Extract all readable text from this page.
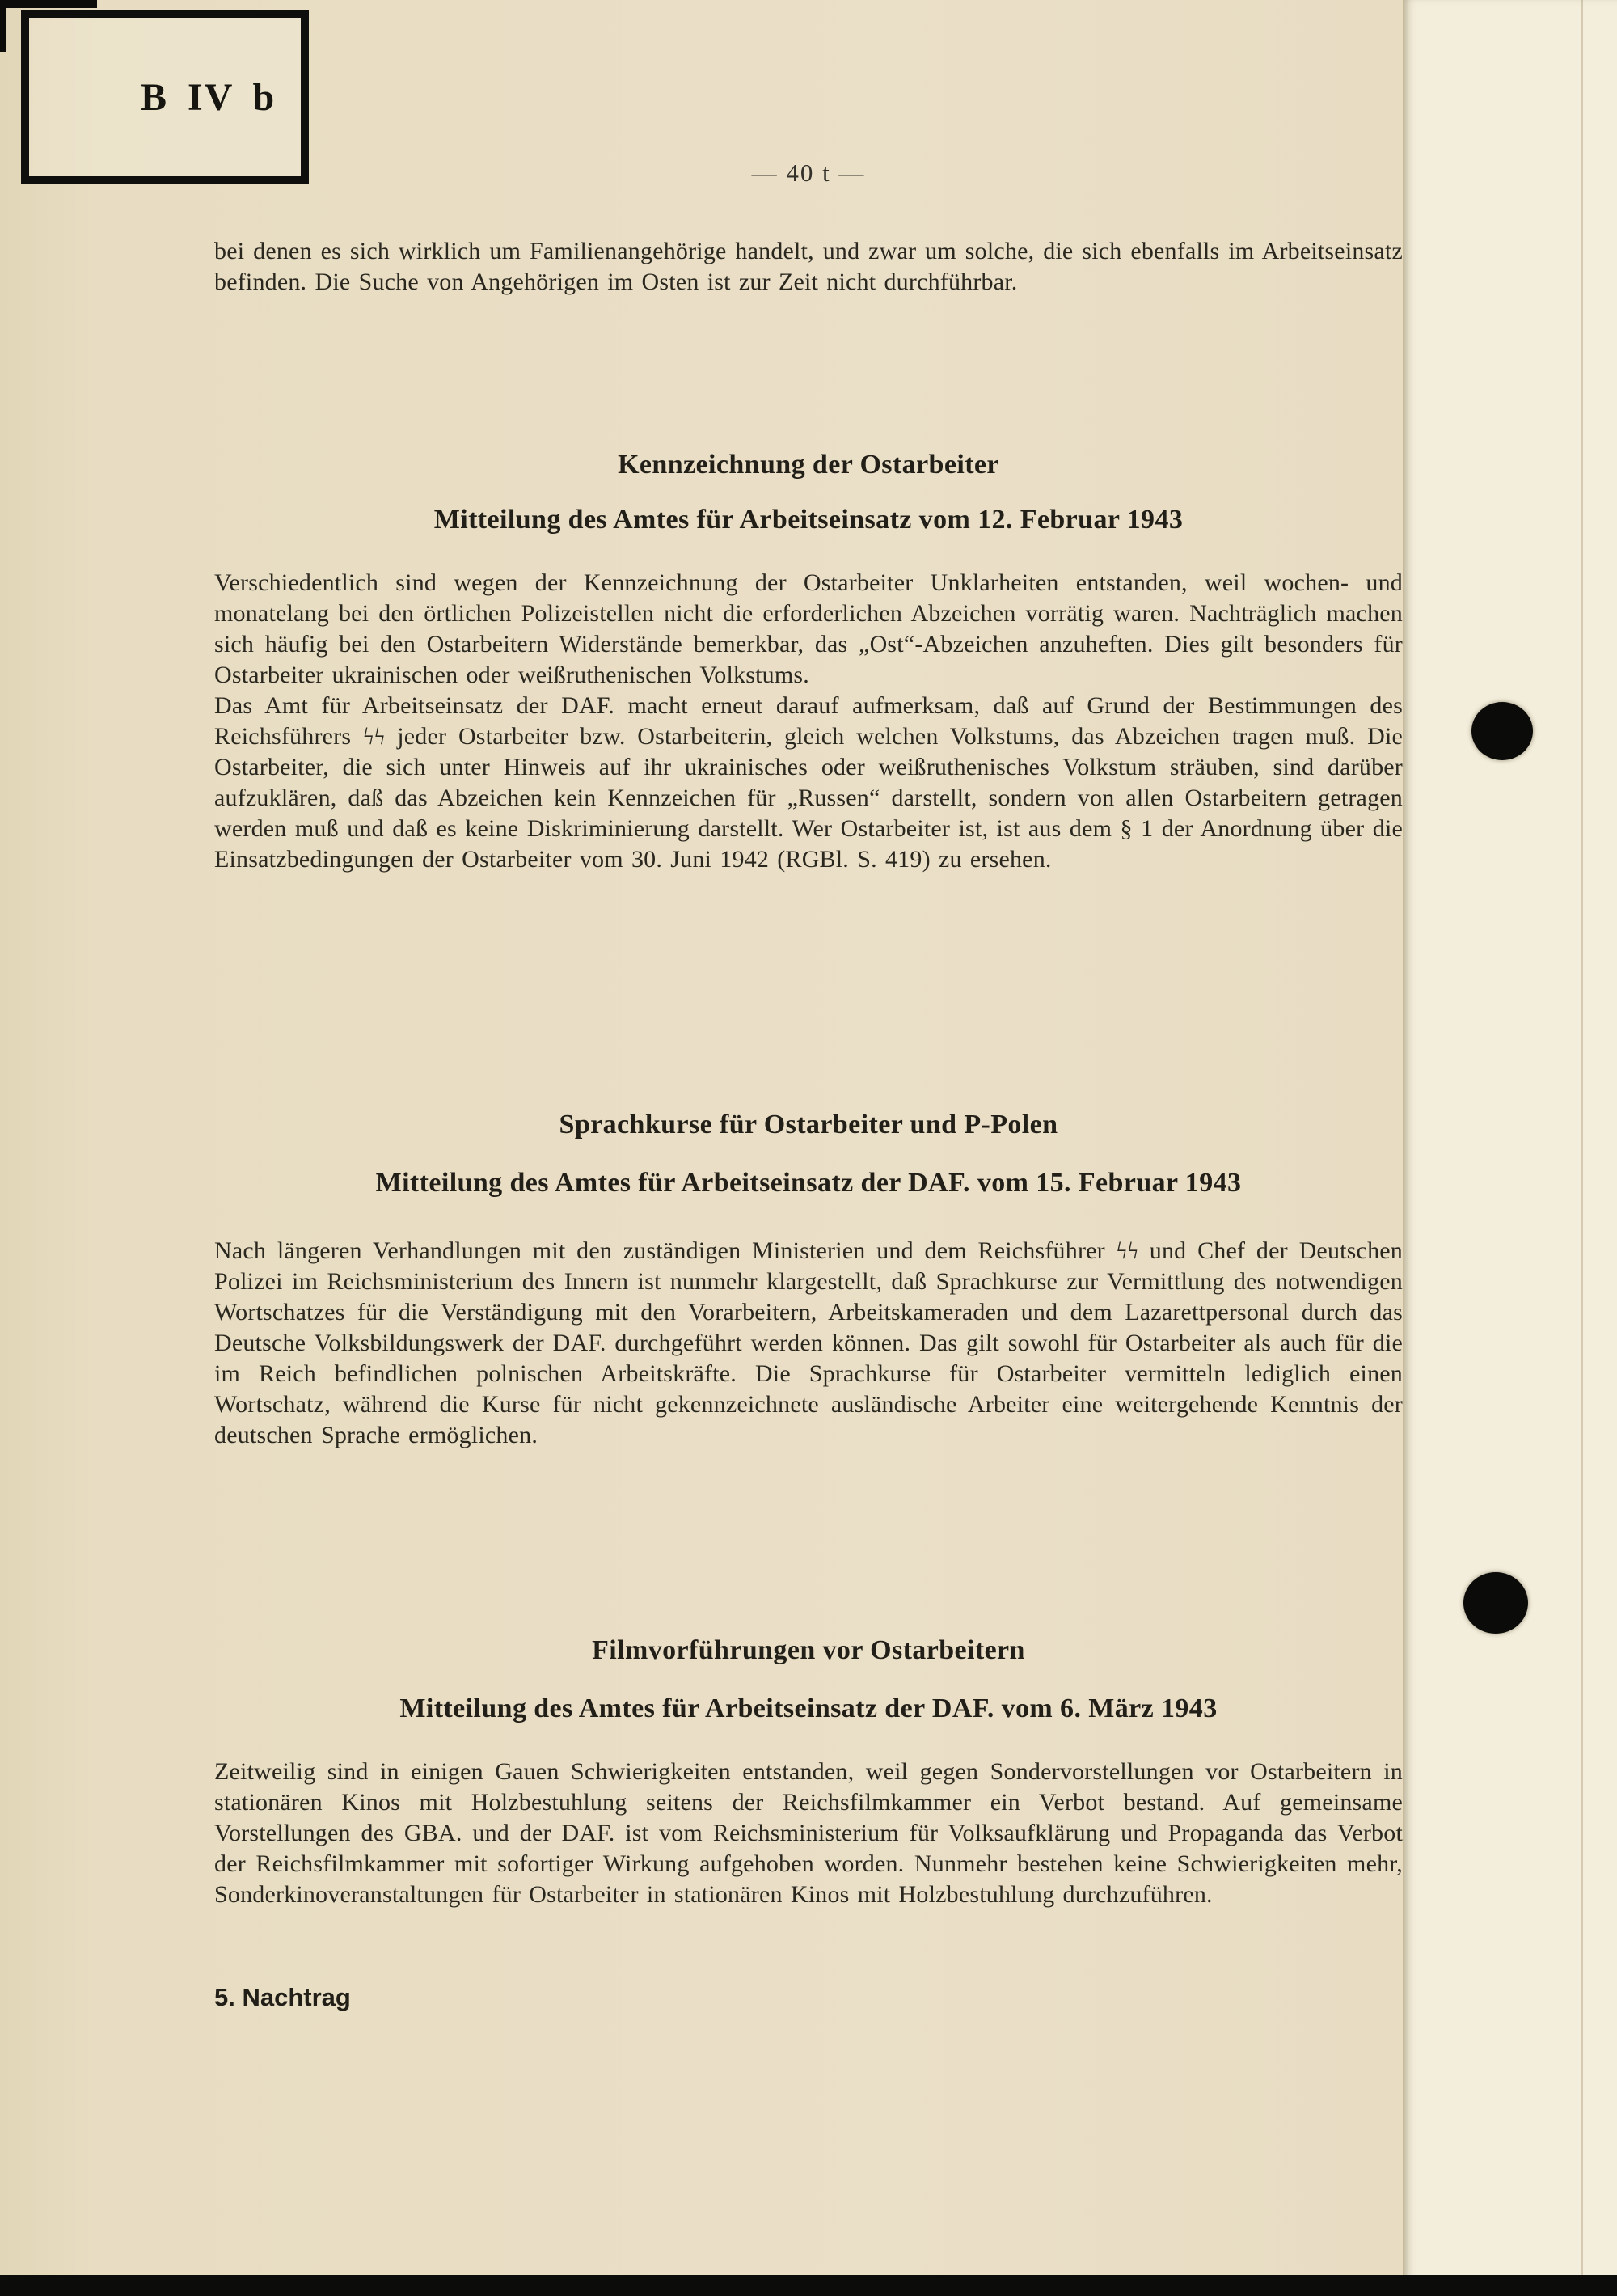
B IV b
— 40 t —

bei denen es sich wirklich um Familienangehörige handelt, und zwar um solche, die sich ebenfalls im Arbeitseinsatz befinden. Die Suche von Angehörigen im Osten ist zur Zeit nicht durchführbar.

Kennzeichnung der Ostarbeiter
Mitteilung des Amtes für Arbeitseinsatz vom 12. Februar 1943

Verschiedentlich sind wegen der Kennzeichnung der Ostarbeiter Unklarheiten entstanden, weil wochen- und monatelang bei den örtlichen Polizeistellen nicht die erforderlichen Abzeichen vorrätig waren. Nachträglich machen sich häufig bei den Ostarbeitern Widerstände bemerkbar, das „Ost“-Abzeichen anzuheften. Dies gilt besonders für Ostarbeiter ukrainischen oder weißruthenischen Volkstums.

Das Amt für Arbeitseinsatz der DAF. macht erneut darauf aufmerksam, daß auf Grund der Bestimmungen des Reichsführers ϟϟ jeder Ostarbeiter bzw. Ostarbeiterin, gleich welchen Volkstums, das Abzeichen tragen muß. Die Ostarbeiter, die sich unter Hinweis auf ihr ukrainisches oder weißruthenisches Volkstum sträuben, sind darüber aufzuklären, daß das Abzeichen kein Kennzeichen für „Russen“ darstellt, sondern von allen Ostarbeitern getragen werden muß und daß es keine Diskriminierung darstellt. Wer Ostarbeiter ist, ist aus dem § 1 der Anordnung über die Einsatzbedingungen der Ostarbeiter vom 30. Juni 1942 (RGBl. S. 419) zu ersehen.

Sprachkurse für Ostarbeiter und P-Polen
Mitteilung des Amtes für Arbeitseinsatz der DAF. vom 15. Februar 1943

Nach längeren Verhandlungen mit den zuständigen Ministerien und dem Reichsführer ϟϟ und Chef der Deutschen Polizei im Reichsministerium des Innern ist nunmehr klargestellt, daß Sprachkurse zur Vermittlung des notwendigen Wortschatzes für die Verständigung mit den Vorarbeitern, Arbeitskameraden und dem Lazarettpersonal durch das Deutsche Volksbildungswerk der DAF. durchgeführt werden können. Das gilt sowohl für Ostarbeiter als auch für die im Reich befindlichen polnischen Arbeitskräfte. Die Sprachkurse für Ostarbeiter vermitteln lediglich einen Wortschatz, während die Kurse für nicht gekennzeichnete ausländische Arbeiter eine weitergehende Kenntnis der deutschen Sprache ermöglichen.

Filmvorführungen vor Ostarbeitern
Mitteilung des Amtes für Arbeitseinsatz der DAF. vom 6. März 1943

Zeitweilig sind in einigen Gauen Schwierigkeiten entstanden, weil gegen Sondervorstellungen vor Ostarbeitern in stationären Kinos mit Holzbestuhlung seitens der Reichsfilmkammer ein Verbot bestand. Auf gemeinsame Vorstellungen des GBA. und der DAF. ist vom Reichsministerium für Volksaufklärung und Propaganda das Verbot der Reichsfilmkammer mit sofortiger Wirkung aufgehoben worden. Nunmehr bestehen keine Schwierigkeiten mehr, Sonderkinoveranstaltungen für Ostarbeiter in stationären Kinos mit Holzbestuhlung durchzuführen.

5. Nachtrag
